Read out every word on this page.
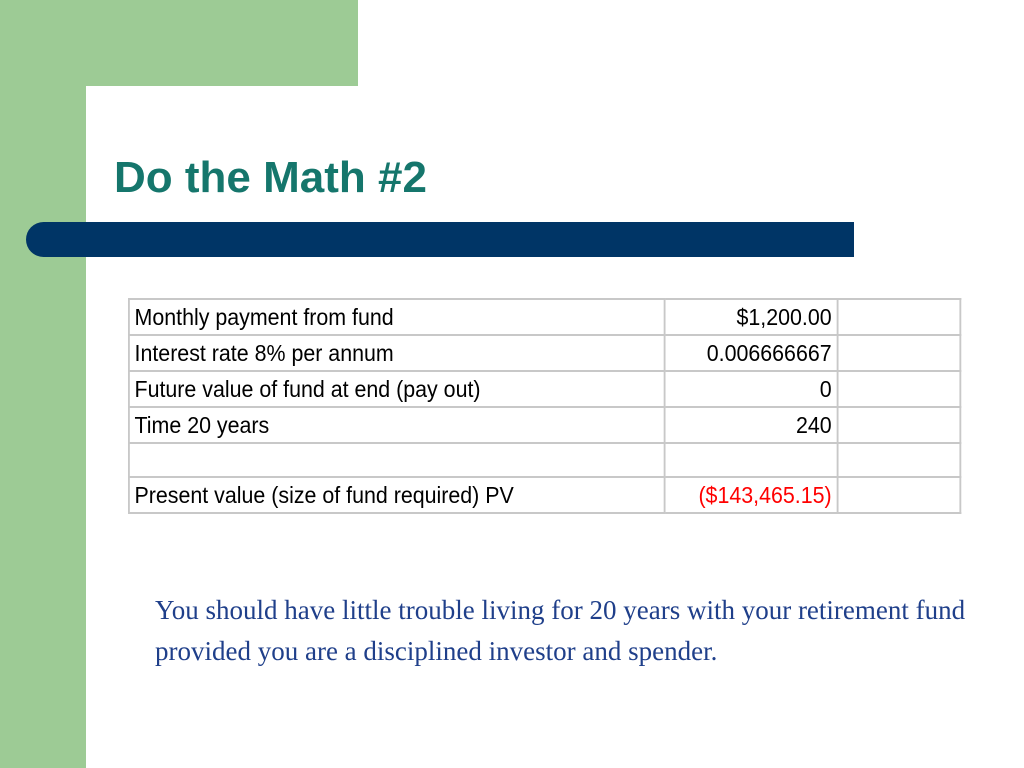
Do the Math #2
Monthly payment from fund	$1,200.00	
Interest rate 8% per annum	0.006666667	
Future value of fund at end (pay out)	0	
Time 20 years	240	

Present value (size of fund required) PV	($143,465.15)	

You should have little trouble living for 20 years with your retirement fund provided you are a disciplined investor and spender.
